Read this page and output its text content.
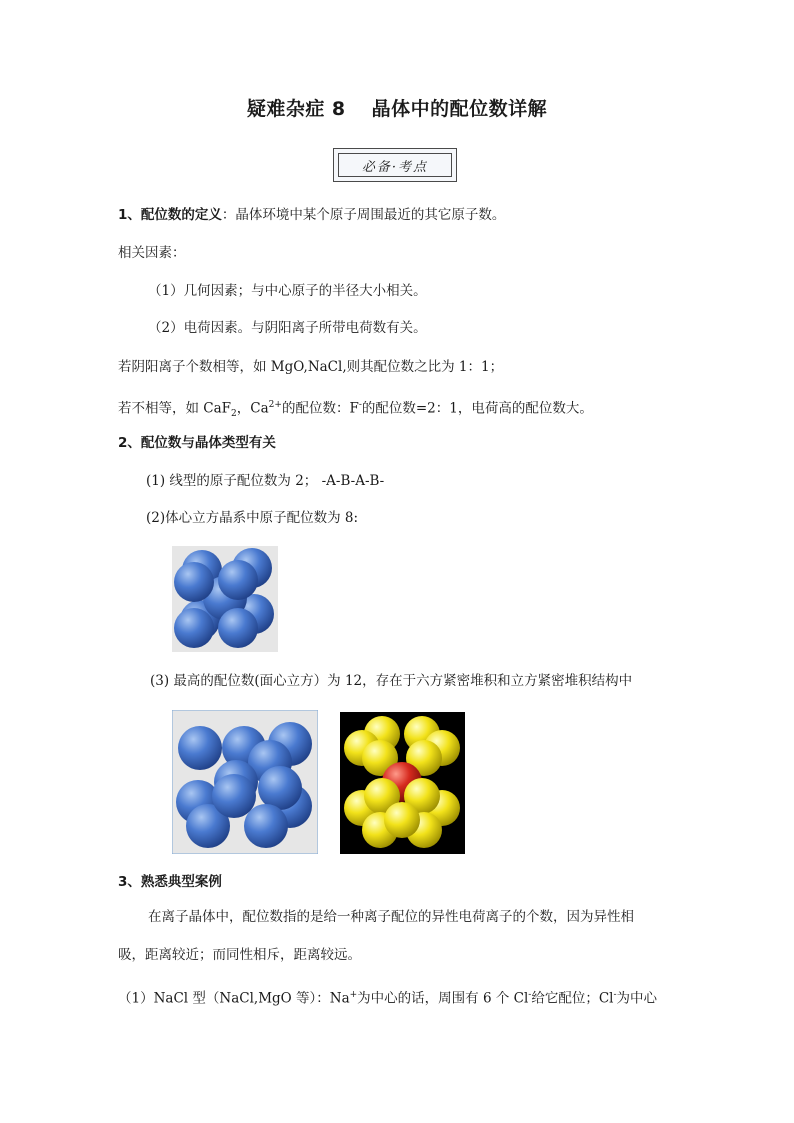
疑难杂症 8 晶体中的配位数详解
必备·考点
1、配位数的定义：晶体环境中某个原子周围最近的其它原子数。
相关因素：
（1）几何因素；与中心原子的半径大小相关。
（2）电荷因素。与阴阳离子所带电荷数有关。
若阴阳离子个数相等，如 MgO,NaCl,则其配位数之比为 1：1；
若不相等，如 CaF$_2$，$Ca^{2+}$的配位数：F-的配位数=2：1，电荷高的配位数大。
2、配位数与晶体类型有关
(1) 线型的原子配位数为 2； -A-B-A-B-
(2)体心立方晶系中原子配位数为 8:
(3) 最高的配位数(面心立方）为 12，存在于六方紧密堆积和立方紧密堆积结构中
3、熟悉典型案例
在离子晶体中，配位数指的是给一种离子配位的异性电荷离子的个数，因为异性相
吸，距离较近；而同性相斥，距离较远。
（1）NaCl 型（NaCl,MgO 等）：Na+为中心的话，周围有 6 个 Cl-给它配位；Cl-为中心
